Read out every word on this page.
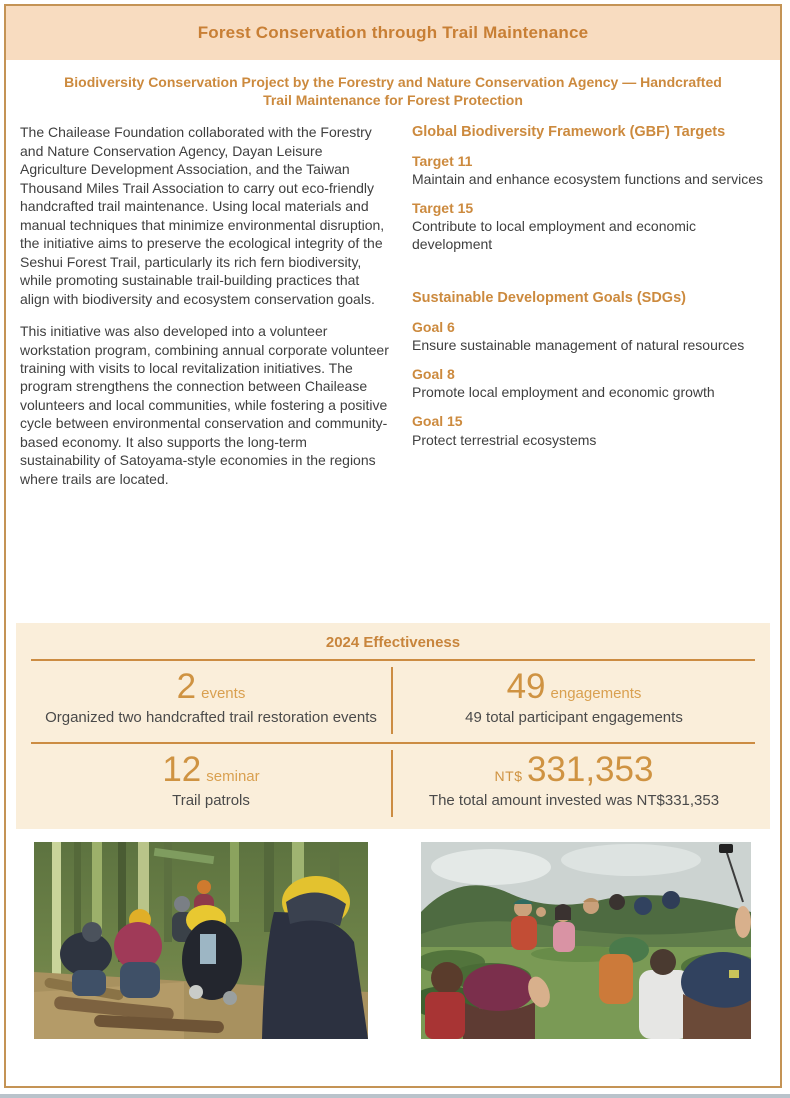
Forest Conservation through Trail Maintenance
Biodiversity Conservation Project by the Forestry and Nature Conservation Agency — Handcrafted Trail Maintenance for Forest Protection

The Chailease Foundation collaborated with the Forestry and Nature Conservation Agency, Dayan Leisure Agriculture Development Association, and the Taiwan Thousand Miles Trail Association to carry out eco-friendly handcrafted trail maintenance. Using local materials and manual techniques that minimize environmental disruption, the initiative aims to preserve the ecological integrity of the Seshui Forest Trail, particularly its rich fern biodiversity, while promoting sustainable trail-building practices that align with biodiversity and ecosystem conservation goals.

This initiative was also developed into a volunteer workstation program, combining annual corporate volunteer training with visits to local revitalization initiatives. The program strengthens the connection between Chailease volunteers and local communities, while fostering a positive cycle between environmental conservation and community-based economy. It also supports the long-term sustainability of Satoyama-style economies in the regions where trails are located.

Global Biodiversity Framework (GBF) Targets
Target 11
Maintain and enhance ecosystem functions and services
Target 15
Contribute to local employment and economic development
Sustainable Development Goals (SDGs)
Goal 6
Ensure sustainable management of natural resources
Goal 8
Promote local employment and economic growth
Goal 15
Protect terrestrial ecosystems
2024 Effectiveness
2 events
Organized two handcrafted trail restoration events
49 engagements
49 total participant engagements
12 seminar
Trail patrols
NT$ 331,353
The total amount invested was NT$331,353
